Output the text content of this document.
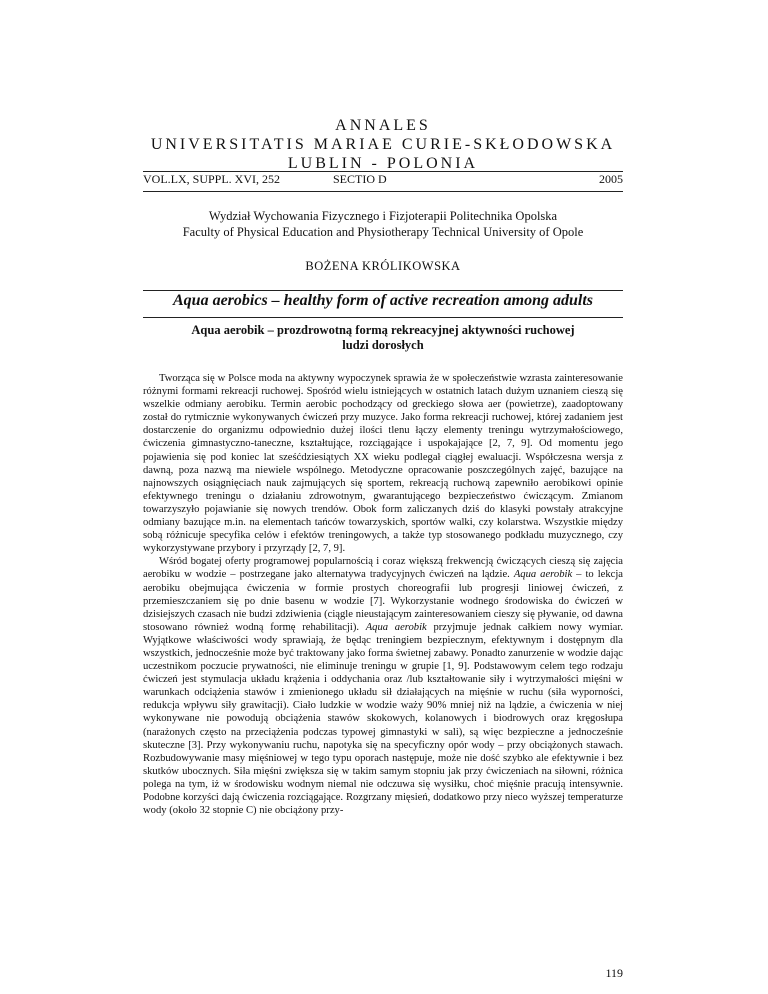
ANNALES
UNIVERSITATIS MARIAE CURIE-SKŁODOWSKA
LUBLIN - POLONIA
VOL.LX, SUPPL. XVI, 252	SECTIO D	2005
Wydział Wychowania Fizycznego i Fizjoterapii Politechnika Opolska
Faculty of Physical Education and Physiotherapy Technical University of Opole
BOŻENA KRÓLIKOWSKA
Aqua aerobics – healthy form of active recreation among adults
Aqua aerobik – prozdrowotną formą rekreacyjnej aktywności ruchowej
ludzi dorosłych

Tworząca się w Polsce moda na aktywny wypoczynek sprawia że w społeczeństwie wzrasta zainteresowanie różnymi formami rekreacji ruchowej. Spośród wielu istniejących w ostatnich latach dużym uznaniem cieszą się wszelkie odmiany aerobiku. Termin aerobic pochodzący od greckiego słowa aer (powietrze), zaadoptowany został do rytmicznie wykonywanych ćwiczeń przy muzyce. Jako forma rekreacji ruchowej, której zadaniem jest dostarczenie do organizmu odpowiednio dużej ilości tlenu łączy elementy treningu wytrzymałościowego, ćwiczenia gimnastyczno-taneczne, kształtujące, rozciągające i uspokajające [2, 7, 9]. Od momentu jego pojawienia się pod koniec lat sześćdziesiątych XX wieku podlegał ciągłej ewaluacji. Współczesna wersja z dawną, poza nazwą ma niewiele wspólnego. Metodyczne opracowanie poszczególnych zajęć, bazujące na najnowszych osiągnięciach nauk zajmujących się sportem, rekreacją ruchową zapewniło aerobikowi opinie efektywnego treningu o działaniu zdrowotnym, gwarantującego bezpieczeństwo ćwiczącym. Zmianom towarzyszyło pojawianie się nowych trendów. Obok form zaliczanych dziś do klasyki powstały atrakcyjne odmiany bazujące m.in. na elementach tańców towarzyskich, sportów walki, czy kolarstwa. Wszystkie między sobą różnicuje specyfika celów i efektów treningowych, a także typ stosowanego podkładu muzycznego, czy wykorzystywane przybory i przyrządy [2, 7, 9].

Wśród bogatej oferty programowej popularnością i coraz większą frekwencją ćwiczących cieszą się zajęcia aerobiku w wodzie – postrzegane jako alternatywa tradycyjnych ćwiczeń na lądzie. Aqua aerobik – to lekcja aerobiku obejmująca ćwiczenia w formie prostych choreografii lub progresji liniowej ćwiczeń, z przemieszczaniem się po dnie basenu w wodzie [7]. Wykorzystanie wodnego środowiska do ćwiczeń w dzisiejszych czasach nie budzi zdziwienia (ciągle nieustającym zainteresowaniem cieszy się pływanie, od dawna stosowano również wodną formę rehabilitacji). Aqua aerobik przyjmuje jednak całkiem nowy wymiar. Wyjątkowe właściwości wody sprawiają, że będąc treningiem bezpiecznym, efektywnym i dostępnym dla wszystkich, jednocześnie może być traktowany jako forma świetnej zabawy. Ponadto zanurzenie w wodzie dając uczestnikom poczucie prywatności, nie eliminuje treningu w grupie [1, 9]. Podstawowym celem tego rodzaju ćwiczeń jest stymulacja układu krążenia i oddychania oraz /lub kształtowanie siły i wytrzymałości mięśni w warunkach odciążenia stawów i zmienionego układu sił działających na mięśnie w ruchu (siła wyporności, redukcja wpływu siły grawitacji). Ciało ludzkie w wodzie waży 90% mniej niż na lądzie, a ćwiczenia w niej wykonywane nie powodują obciążenia stawów skokowych, kolanowych i biodrowych oraz kręgosłupa (narażonych często na przeciążenia podczas typowej gimnastyki w sali), są więc bezpieczne a jednocześnie skuteczne [3]. Przy wykonywaniu ruchu, napotyka się na specyficzny opór wody – przy obciążonych stawach. Rozbudowywanie masy mięśniowej w tego typu oporach następuje, może nie dość szybko ale efektywnie i bez skutków ubocznych. Siła mięśni zwiększa się w takim samym stopniu jak przy ćwiczeniach na siłowni, różnica polega na tym, iż w środowisku wodnym niemal nie odczuwa się wysiłku, choć mięśnie pracują intensywnie. Podobne korzyści dają ćwiczenia rozciągające. Rozgrzany mięsień, dodatkowo przy nieco wyższej temperaturze wody (około 32 stopnie C) nie obciążony przy-

119
